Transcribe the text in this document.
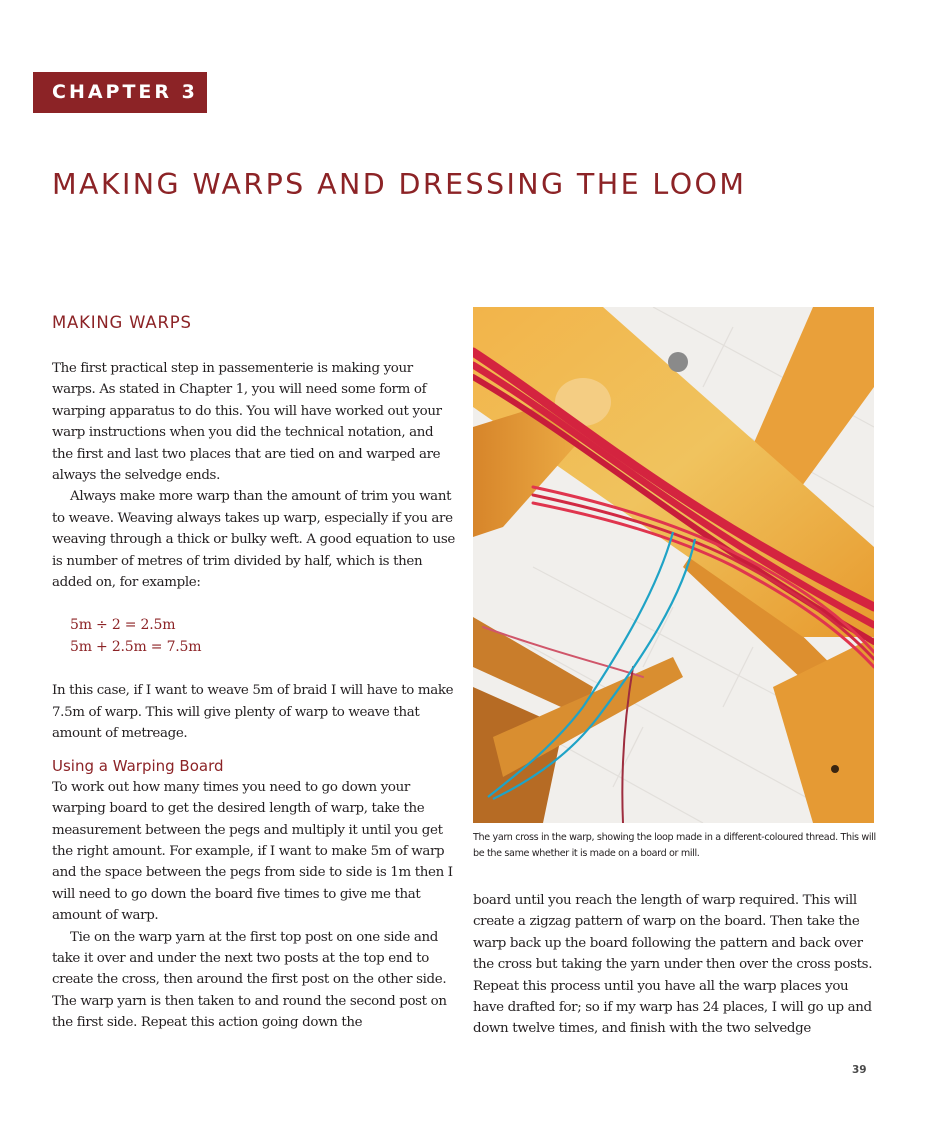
CHAPTER 3
MAKING WARPS AND DRESSING THE LOOM
MAKING WARPS

The first practical step in passementerie is making your warps. As stated in Chapter 1, you will need some form of warping apparatus to do this. You will have worked out your warp instructions when you did the technical notation, and the first and last two places that are tied on and warped are always the selvedge ends.

Always make more warp than the amount of trim you want to weave. Weaving always takes up warp, especially if you are weaving through a thick or bulky weft. A good equation to use is number of metres of trim divided by half, which is then added on, for example:

5m ÷ 2 = 2.5m
5m + 2.5m = 7.5m

In this case, if I want to weave 5m of braid I will have to make 7.5m of warp. This will give plenty of warp to weave that amount of metreage.

Using a Warping Board

To work out how many times you need to go down your warping board to get the desired length of warp, take the measurement between the pegs and multiply it until you get the right amount. For example, if I want to make 5m of warp and the space between the pegs from side to side is 1m then I will need to go down the board five times to give me that amount of warp.

Tie on the warp yarn at the first top post on one side and take it over and under the next two posts at the top end to create the cross, then around the first post on the other side. The warp yarn is then taken to and round the second post on the first side. Repeat this action going down the

The yarn cross in the warp, showing the loop made in a different-coloured thread. This will be the same whether it is made on a board or mill.

board until you reach the length of warp required. This will create a zigzag pattern of warp on the board. Then take the warp back up the board following the pattern and back over the cross but taking the yarn under then over the cross posts. Repeat this process until you have all the warp places you have drafted for; so if my warp has 24 places, I will go up and down twelve times, and finish with the two selvedge

39
